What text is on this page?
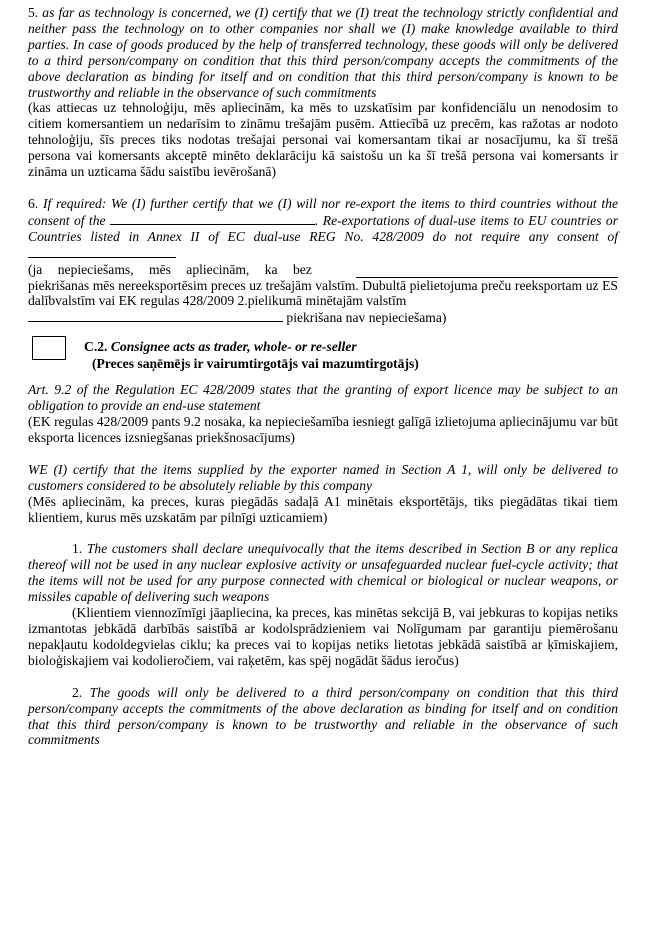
5. as far as technology is concerned, we (I) certify that we (I) treat the technology strictly confidential and neither pass the technology on to other companies nor shall we (I) make knowledge available to third parties. In case of goods produced by the help of transferred technology, these goods will only be delivered to a third person/company on condition that this third person/company accepts the commitments of the above declaration as binding for itself and on condition that this third person/company is known to be trustworthy and reliable in the observance of such commitments

(kas attiecas uz tehnoloģiju, mēs apliecinām, ka mēs to uzskatīsim par konfidenciālu un nenodosim to citiem komersantiem un nedarīsim to zināmu trešajām pusēm. Attiecībā uz precēm, kas ražotas ar nodoto tehnoloģiju, šīs preces tiks nodotas trešajai personai vai komersantam tikai ar nosacījumu, ka šī trešā persona vai komersants akceptē minēto deklarāciju kā saistošu un ka šī trešā persona vai komersants ir zināma un uzticama šādu saistību ievērošanā)

6. If required: We (I) further certify that we (I) will nor re-export the items to third countries without the consent of the	. Re-exportations of dual-use items to EU countries or Countries listed in Annex II of EC dual-use REG No. 428/2009 do not require any consent of

(ja nepieciešams, mēs apliecinām, ka bez

piekrišanas mēs nereeksportēsim preces uz trešajām valstīm. Dubultā pielietojuma preču reeksportam uz ES dalībvalstīm vai EK regulas 428/2009 2.pielikumā minētajām valstīm

piekrišana nav nepieciešama)

C.2. Consignee acts as trader, whole- or re-seller
(Preces saņēmējs ir vairumtirgotājs vai mazumtirgotājs)

Art. 9.2 of the Regulation EC 428/2009 states that the granting of export licence may be subject to an obligation to provide an end-use statement

(EK regulas 428/2009 pants 9.2 nosaka, ka nepieciešamība iesniegt galīgā izlietojuma apliecinājumu var būt eksporta licences izsniegšanas priekšnosacījums)

WE (I) certify that the items supplied by the exporter named in Section A 1, will only be delivered to customers considered to be absolutely reliable by this company

(Mēs apliecinām, ka preces, kuras piegādās sadaļā A1 minētais eksportētājs, tiks piegādātas tikai tiem klientiem, kurus mēs uzskatām par pilnīgi uzticamiem)

1. The customers shall declare unequivocally that the items described in Section B or any replica thereof will not be used in any nuclear explosive activity or unsafeguarded nuclear fuel-cycle activity; that the items will not be used for any purpose connected with chemical or biological or nuclear weapons, or missiles capable of delivering such weapons

(Klientiem viennozīmīgi jāapliecina, ka preces, kas minētas sekcijā B, vai jebkuras to kopijas netiks izmantotas jebkādā darbībās saistībā ar kodolsprādzieniem vai Nolīgumam par garantiju piemērošanu nepakļautu kodoldegvielas ciklu; ka preces vai to kopijas netiks lietotas jebkādā saistībā ar ķīmiskajiem, bioloģiskajiem vai kodolieročiem, vai raķetēm, kas spēj nogādāt šādus ieročus)

2. The goods will only be delivered to a third person/company on condition that this third person/company accepts the commitments of the above declaration as binding for itself and on condition that this third person/company is known to be trustworthy and reliable in the observance of such commitments
